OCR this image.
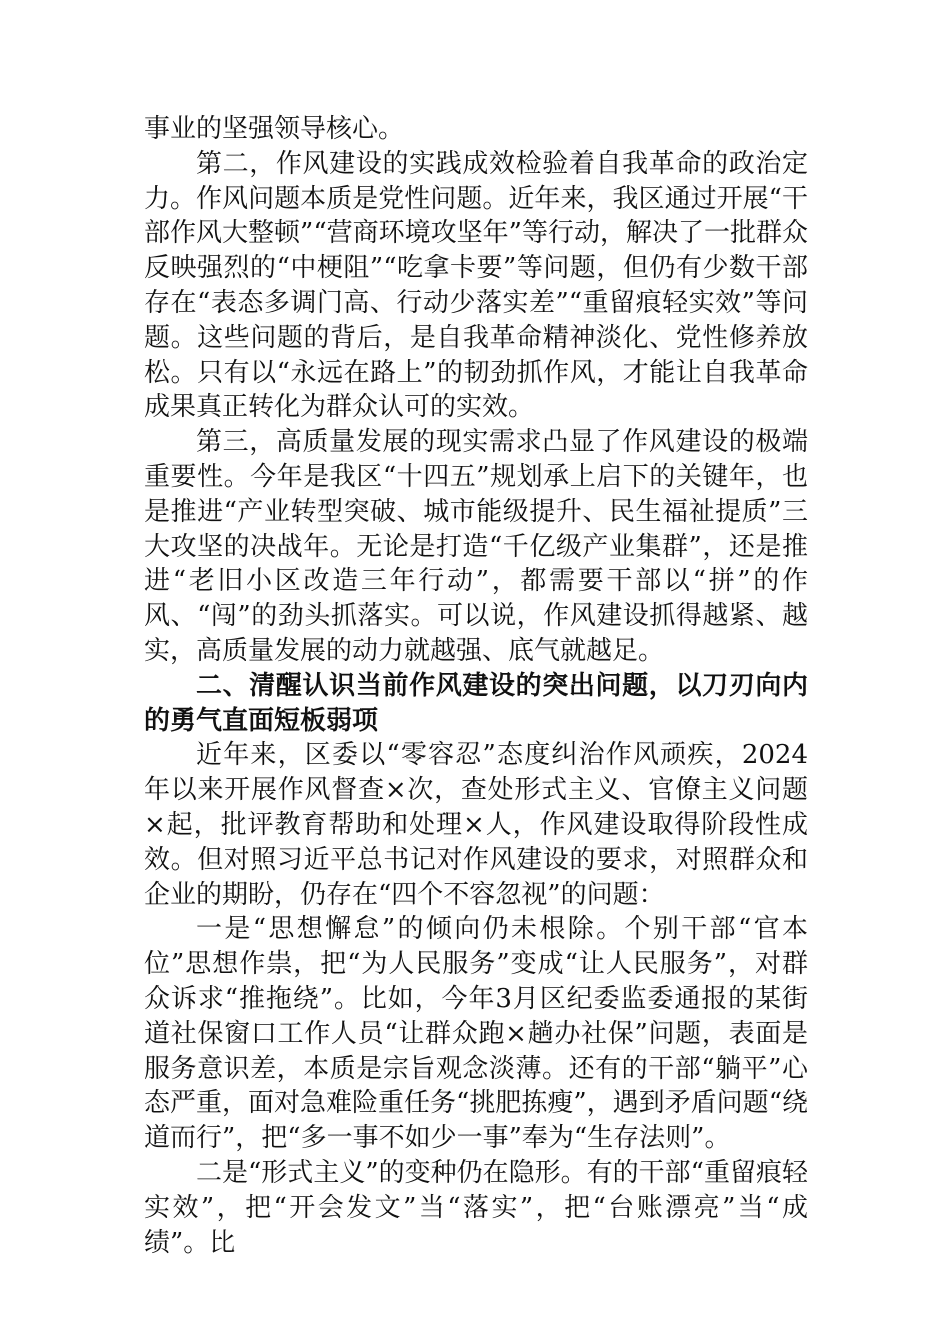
事业的坚强领导核心。

第二，作风建设的实践成效检验着自我革命的政治定力。作风问题本质是党性问题。近年来，我区通过开展“干部作风大整顿”“营商环境攻坚年”等行动，解决了一批群众反映强烈的“中梗阻”“吃拿卡要”等问题，但仍有少数干部存在“表态多调门高、行动少落实差”“重留痕轻实效”等问题。这些问题的背后，是自我革命精神淡化、党性修养放松。只有以“永远在路上”的韧劲抓作风，才能让自我革命成果真正转化为群众认可的实效。

第三，高质量发展的现实需求凸显了作风建设的极端重要性。今年是我区“十四五”规划承上启下的关键年，也是推进“产业转型突破、城市能级提升、民生福祉提质”三大攻坚的决战年。无论是打造“千亿级产业集群”，还是推进“老旧小区改造三年行动”，都需要干部以“拼”的作风、“闯”的劲头抓落实。可以说，作风建设抓得越紧、越实，高质量发展的动力就越强、底气就越足。

二、清醒认识当前作风建设的突出问题，以刀刃向内的勇气直面短板弱项

近年来，区委以“零容忍”态度纠治作风顽疾，2024年以来开展作风督查×次，查处形式主义、官僚主义问题×起，批评教育帮助和处理×人，作风建设取得阶段性成效。但对照习近平总书记对作风建设的要求，对照群众和企业的期盼，仍存在“四个不容忽视”的问题：

一是“思想懈怠”的倾向仍未根除。个别干部“官本位”思想作祟，把“为人民服务”变成“让人民服务”，对群众诉求“推拖绕”。比如，今年3月区纪委监委通报的某街道社保窗口工作人员“让群众跑×趟办社保”问题，表面是服务意识差，本质是宗旨观念淡薄。还有的干部“躺平”心态严重，面对急难险重任务“挑肥拣瘦”，遇到矛盾问题“绕道而行”，把“多一事不如少一事”奉为“生存法则”。

二是“形式主义”的变种仍在隐形。有的干部“重留痕轻实效”，把“开会发文”当“落实”，把“台账漂亮”当“成绩”。比
